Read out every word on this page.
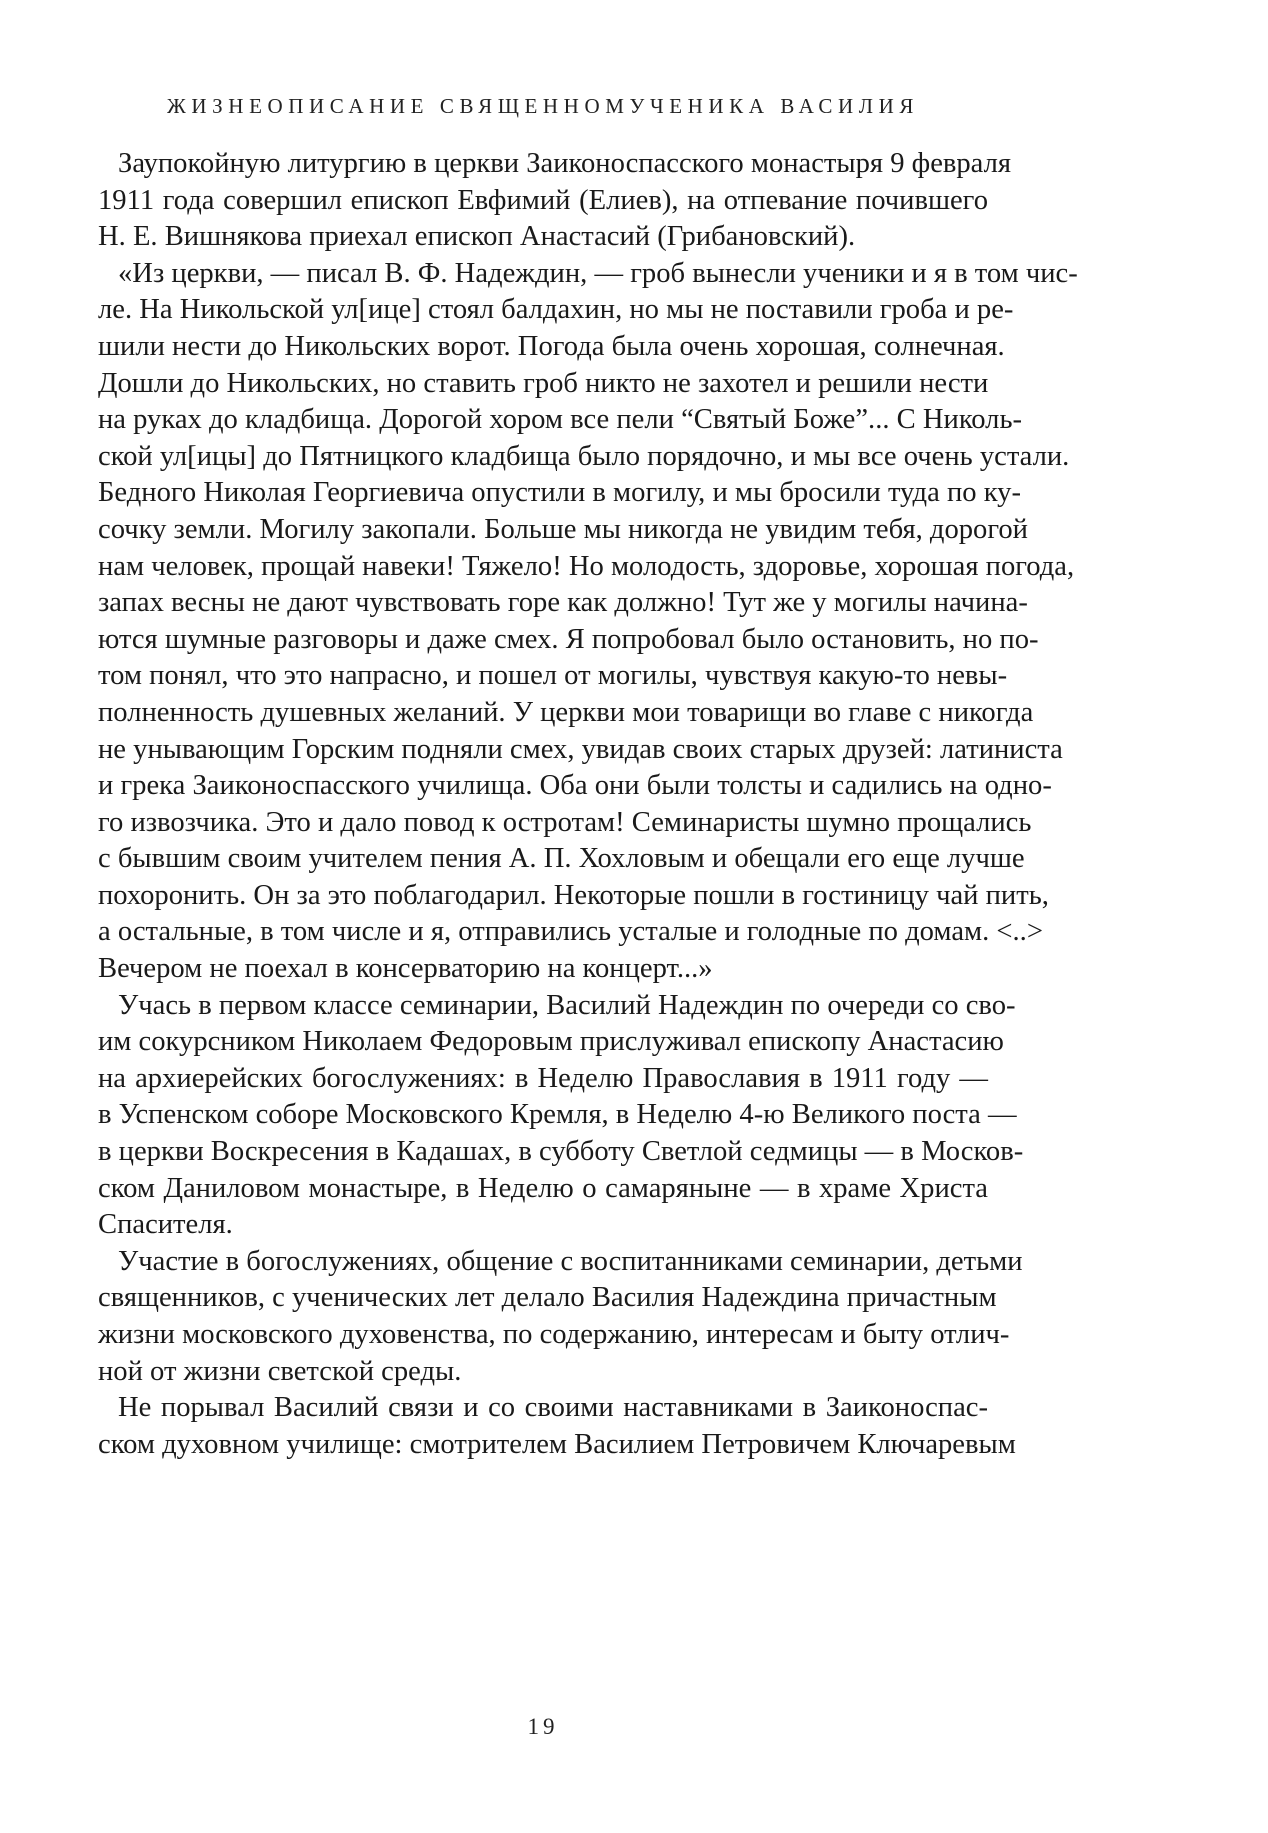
ЖИЗНЕОПИСАНИЕ СВЯЩЕННОМУЧЕНИКА ВАСИЛИЯ
Заупокойную литургию в церкви Заиконоспасского монастыря 9 февраля
1911 года совершил епископ Евфимий (Елиев), на отпевание почившего
Н. Е. Вишнякова приехал епископ Анастасий (Грибановский).
«Из церкви, — писал В. Ф. Надеждин, — гроб вынесли ученики и я в том чис-
ле. На Никольской ул[ице] стоял балдахин, но мы не поставили гроба и ре-
шили нести до Никольских ворот. Погода была очень хорошая, солнечная.
Дошли до Никольских, но ставить гроб никто не захотел и решили нести
на руках до кладбища. Дорогой хором все пели “Святый Боже”... С Николь-
ской ул[ицы] до Пятницкого кладбища было порядочно, и мы все очень устали.
Бедного Николая Георгиевича опустили в могилу, и мы бросили туда по ку-
сочку земли. Могилу закопали. Больше мы никогда не увидим тебя, дорогой
нам человек, прощай навеки! Тяжело! Но молодость, здоровье, хорошая погода,
запах весны не дают чувствовать горе как должно! Тут же у могилы начина-
ются шумные разговоры и даже смех. Я попробовал было остановить, но по-
том понял, что это напрасно, и пошел от могилы, чувствуя какую-то невы-
полненность душевных желаний. У церкви мои товарищи во главе с никогда
не унывающим Горским подняли смех, увидав своих старых друзей: латиниста
и грека Заиконоспасского училища. Оба они были толсты и садились на одно-
го извозчика. Это и дало повод к остротам! Семинаристы шумно прощались
с бывшим своим учителем пения А. П. Хохловым и обещали его еще лучше
похоронить. Он за это поблагодарил. Некоторые пошли в гостиницу чай пить,
а остальные, в том числе и я, отправились усталые и голодные по домам. <..>
Вечером не поехал в консерваторию на концерт...»
Учась в первом классе семинарии, Василий Надеждин по очереди со сво-
им сокурсником Николаем Федоровым прислуживал епископу Анастасию
на архиерейских богослужениях: в Неделю Православия в 1911 году —
в Успенском соборе Московского Кремля, в Неделю 4-ю Великого поста —
в церкви Воскресения в Кадашах, в субботу Светлой седмицы — в Москов-
ском Даниловом монастыре, в Неделю о самаряныне — в храме Христа
Спасителя.
Участие в богослужениях, общение с воспитанниками семинарии, детьми
священников, с ученических лет делало Василия Надеждина причастным
жизни московского духовенства, по содержанию, интересам и быту отлич-
ной от жизни светской среды.
Не порывал Василий связи и со своими наставниками в Заиконоспас-
ском духовном училище: смотрителем Василием Петровичем Ключаревым
19
